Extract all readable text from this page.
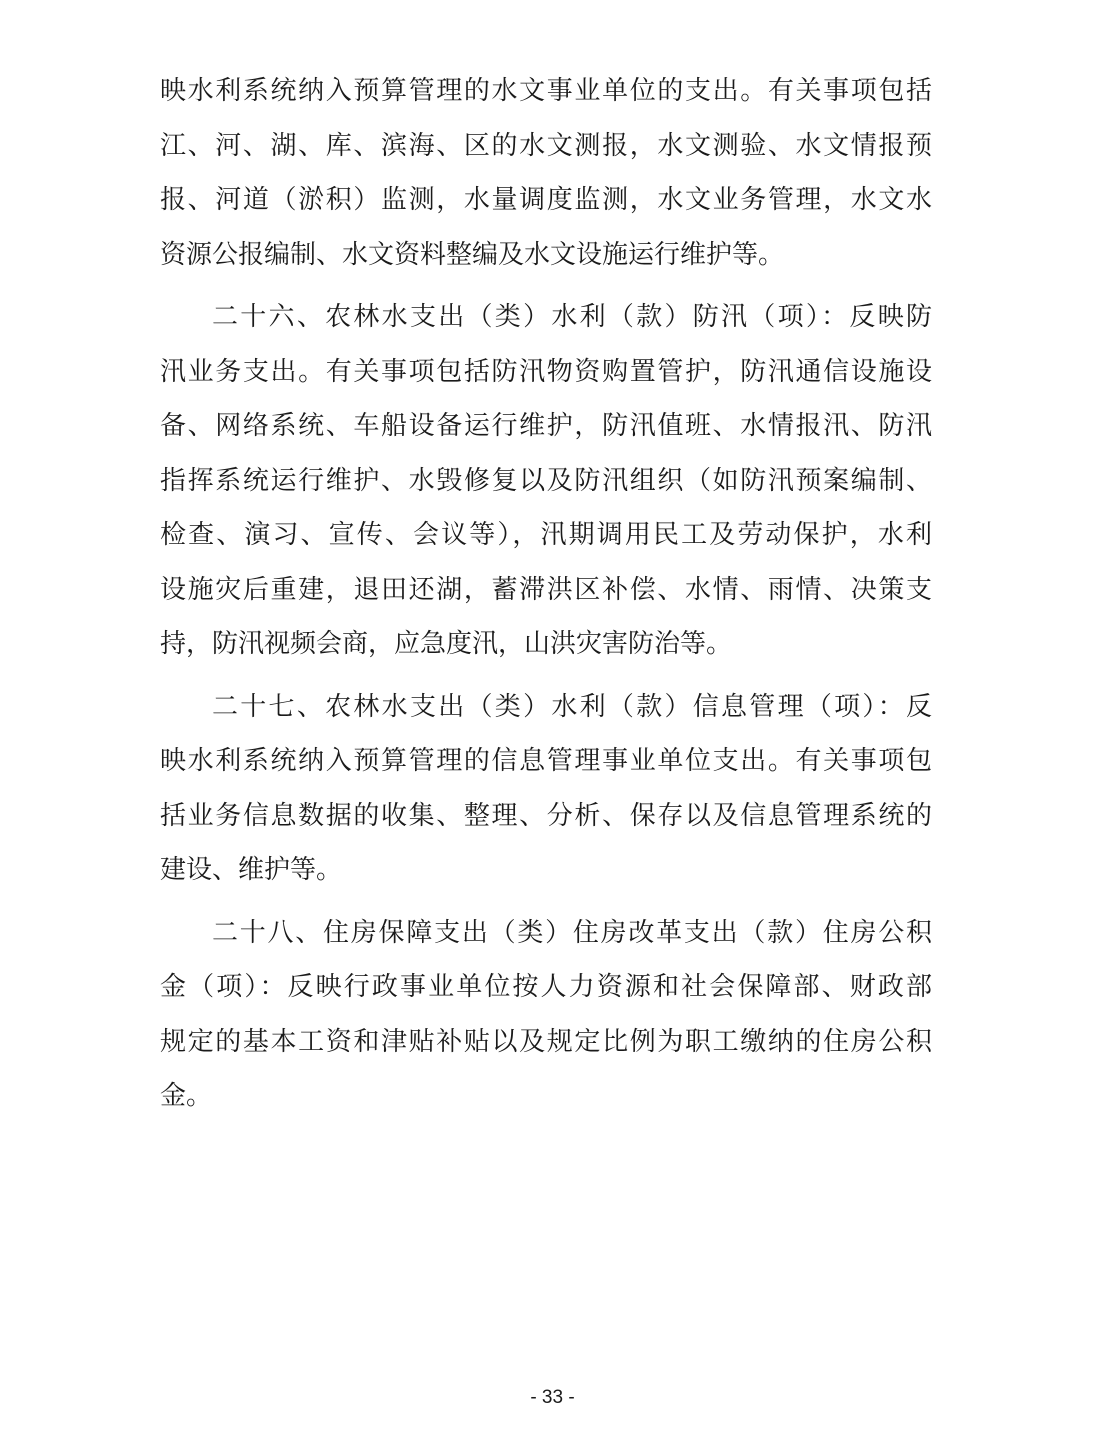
映水利系统纳入预算管理的水文事业单位的支出。有关事项包括
江、河、湖、库、滨海、区的水文测报，水文测验、水文情报预
报、河道（淤积）监测，水量调度监测，水文业务管理，水文水
资源公报编制、水文资料整编及水文设施运行维护等。
二十六、农林水支出（类）水利（款）防汛（项）：反映防
汛业务支出。有关事项包括防汛物资购置管护，防汛通信设施设
备、网络系统、车船设备运行维护，防汛值班、水情报汛、防汛
指挥系统运行维护、水毁修复以及防汛组织（如防汛预案编制、
检查、演习、宣传、会议等），汛期调用民工及劳动保护，水利
设施灾后重建，退田还湖，蓄滞洪区补偿、水情、雨情、决策支
持，防汛视频会商，应急度汛，山洪灾害防治等。
二十七、农林水支出（类）水利（款）信息管理（项）：反
映水利系统纳入预算管理的信息管理事业单位支出。有关事项包
括业务信息数据的收集、整理、分析、保存以及信息管理系统的
建设、维护等。
二十八、住房保障支出（类）住房改革支出（款）住房公积
金（项）：反映行政事业单位按人力资源和社会保障部、财政部
规定的基本工资和津贴补贴以及规定比例为职工缴纳的住房公积
金。
- 33 -
